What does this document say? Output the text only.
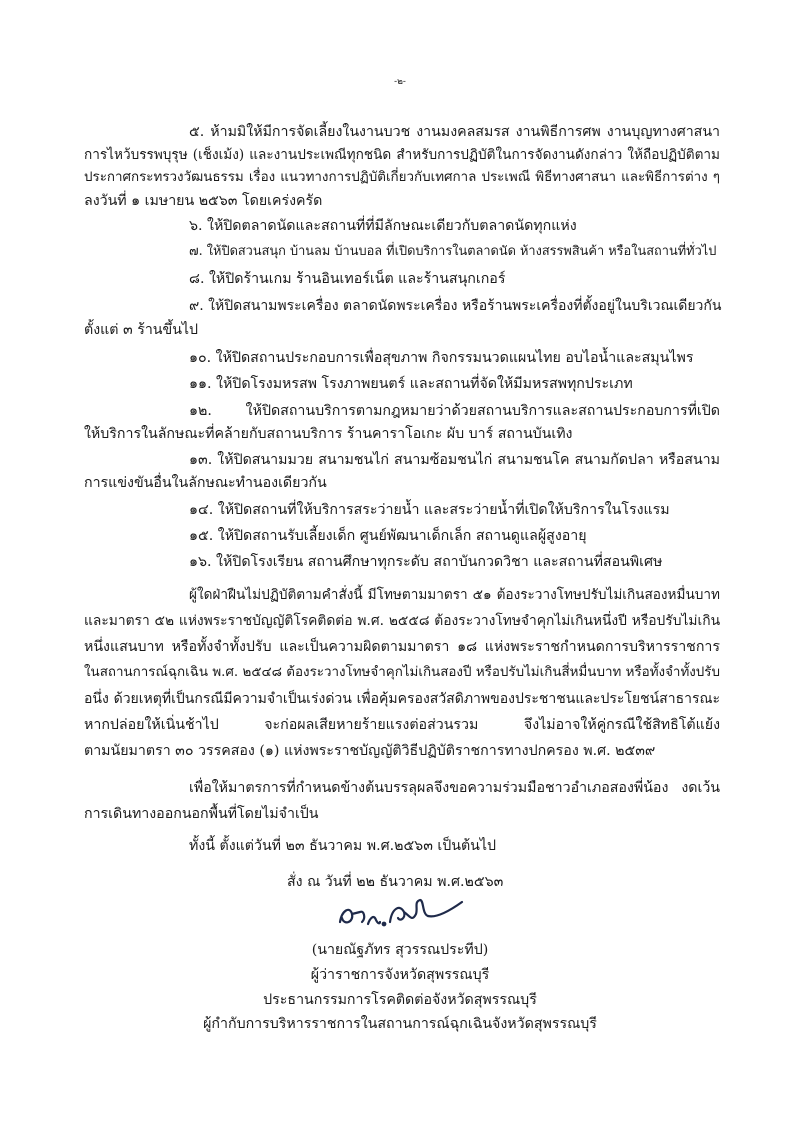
-๒-
๕. ห้ามมิให้มีการจัดเลี้ยงในงานบวช งานมงคลสมรส งานพิธีการศพ งานบุญทางศาสนา
การไหว้บรรพบุรุษ (เช็งเม้ง) และงานประเพณีทุกชนิด สำหรับการปฏิบัติในการจัดงานดังกล่าว ให้ถือปฏิบัติตาม
ประกาศกระทรวงวัฒนธรรม เรื่อง แนวทางการปฏิบัติเกี่ยวกับเทศกาล ประเพณี พิธีทางศาสนา และพิธีการต่าง ๆ
ลงวันที่ ๑ เมษายน ๒๕๖๓ โดยเคร่งครัด
๖. ให้ปิดตลาดนัดและสถานที่ที่มีลักษณะเดียวกับตลาดนัดทุกแห่ง
๗. ให้ปิดสวนสนุก บ้านลม บ้านบอล ที่เปิดบริการในตลาดนัด ห้างสรรพสินค้า หรือในสถานที่ทั่วไป
๘. ให้ปิดร้านเกม ร้านอินเทอร์เน็ต และร้านสนุกเกอร์
๙. ให้ปิดสนามพระเครื่อง ตลาดนัดพระเครื่อง หรือร้านพระเครื่องที่ตั้งอยู่ในบริเวณเดียวกัน
ตั้งแต่ ๓ ร้านขึ้นไป
๑๐. ให้ปิดสถานประกอบการเพื่อสุขภาพ กิจกรรมนวดแผนไทย อบไอน้ำและสมุนไพร
๑๑. ให้ปิดโรงมหรสพ โรงภาพยนตร์ และสถานที่จัดให้มีมหรสพทุกประเภท
๑๒. ให้ปิดสถานบริการตามกฎหมายว่าด้วยสถานบริการและสถานประกอบการที่เปิด
ให้บริการในลักษณะที่คล้ายกับสถานบริการ ร้านคาราโอเกะ ผับ บาร์ สถานบันเทิง
๑๓. ให้ปิดสนามมวย สนามชนไก่ สนามซ้อมชนไก่ สนามชนโค สนามกัดปลา หรือสนาม
การแข่งขันอื่นในลักษณะทำนองเดียวกัน
๑๔. ให้ปิดสถานที่ให้บริการสระว่ายน้ำ และสระว่ายน้ำที่เปิดให้บริการในโรงแรม
๑๕. ให้ปิดสถานรับเลี้ยงเด็ก ศูนย์พัฒนาเด็กเล็ก สถานดูแลผู้สูงอายุ
๑๖. ให้ปิดโรงเรียน สถานศึกษาทุกระดับ สถาบันกวดวิชา และสถานที่สอนพิเศษ
ผู้ใดฝ่าฝืนไม่ปฏิบัติตามคำสั่งนี้ มีโทษตามมาตรา ๕๑ ต้องระวางโทษปรับไม่เกินสองหมื่นบาท
และมาตรา ๕๒ แห่งพระราชบัญญัติโรคติดต่อ พ.ศ. ๒๕๕๘ ต้องระวางโทษจำคุกไม่เกินหนึ่งปี หรือปรับไม่เกิน
หนึ่งแสนบาท หรือทั้งจำทั้งปรับ และเป็นความผิดตามมาตรา ๑๘ แห่งพระราชกำหนดการบริหารราชการ
ในสถานการณ์ฉุกเฉิน พ.ศ. ๒๕๔๘ ต้องระวางโทษจำคุกไม่เกินสองปี หรือปรับไม่เกินสี่หมื่นบาท หรือทั้งจำทั้งปรับ
อนึ่ง ด้วยเหตุที่เป็นกรณีมีความจำเป็นเร่งด่วน เพื่อคุ้มครองสวัสดิภาพของประชาชนและประโยชน์สาธารณะ
หากปล่อยให้เนิ่นช้าไป จะก่อผลเสียหายร้ายแรงต่อส่วนรวม จึงไม่อาจให้คู่กรณีใช้สิทธิโต้แย้ง
ตามนัยมาตรา ๓๐ วรรคสอง (๑) แห่งพระราชบัญญัติวิธีปฏิบัติราชการทางปกครอง พ.ศ. ๒๕๓๙
เพื่อให้มาตรการที่กำหนดข้างต้นบรรลุผลจึงขอความร่วมมือชาวอำเภอสองพี่น้อง งดเว้น
การเดินทางออกนอกพื้นที่โดยไม่จำเป็น
ทั้งนี้ ตั้งแต่วันที่ ๒๓ ธันวาคม พ.ศ.๒๕๖๓ เป็นต้นไป
สั่ง ณ วันที่ ๒๒ ธันวาคม พ.ศ.๒๕๖๓
(นายณัฐภัทร สุวรรณประทีป)
ผู้ว่าราชการจังหวัดสุพรรณบุรี
ประธานกรรมการโรคติดต่อจังหวัดสุพรรณบุรี
ผู้กำกับการบริหารราชการในสถานการณ์ฉุกเฉินจังหวัดสุพรรณบุรี
